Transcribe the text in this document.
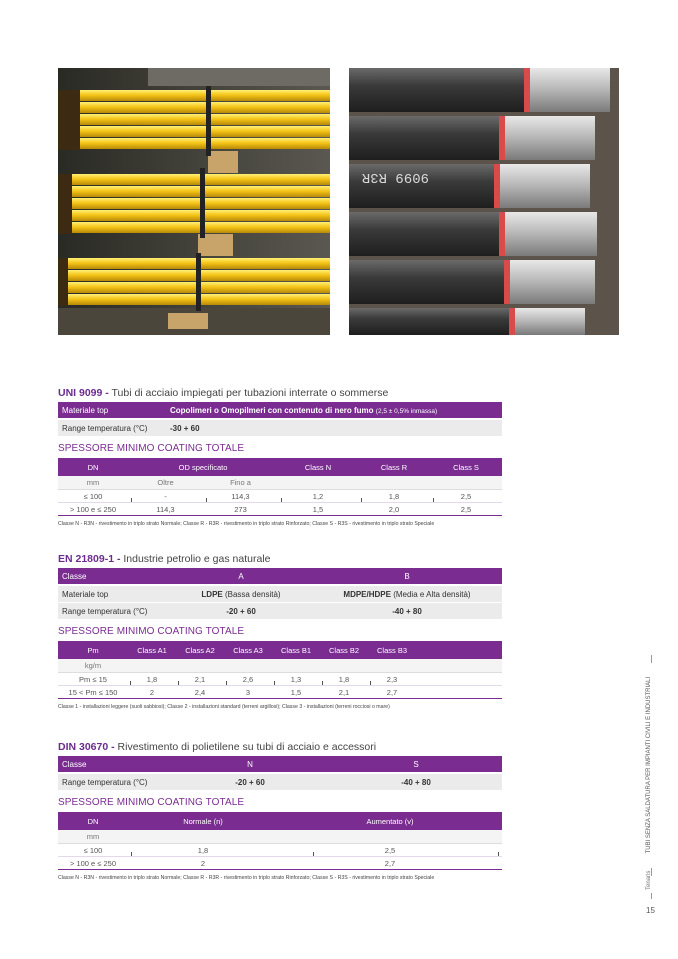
9099 R3R
UNI 9099 - Tubi di acciaio impiegati per tubazioni interrate o sommerse
Materiale top	Copolimeri o Omopilmeri con contenuto di nero fumo (2,5 ± 0,5% inmassa)
Range temperatura (°C)	-30 + 60
SPESSORE MINIMO COATING TOTALE
DN	OD specificato	Class N	Class R	Class S
mm	Oltre	Fino a
≤ 100	-	114,3	1,2	1,8	2,5
> 100 e ≤ 250	114,3	273	1,5	2,0	2,5
Classe N - R3N - rivestimento in triplo strato Normale; Classe R - R3R - rivestimento in triplo strato Rinforzato; Classe S - R3S - rivestimento in triplo strato Speciale
EN 21809-1 - Industrie petrolio e gas naturale
Classe	A	B
Materiale top	LDPE (Bassa densità)	MDPE/HDPE (Media e Alta densità)
Range temperatura (°C)	-20 + 60	-40 + 80
SPESSORE MINIMO COATING TOTALE
Pm	Class A1	Class A2	Class A3	Class B1	Class B2	Class B3
kg/m
Pm ≤ 15	1,8	2,1	2,6	1,3	1,8	2,3
15 < Pm ≤ 150	2	2,4	3	1,5	2,1	2,7
Classe 1 - installazioni leggere (suoli sabbiosi); Classe 2 - installazioni standard (terreni argillosi); Classe 3 - installazioni (terreni rocciosi o mare)
DIN 30670 - Rivestimento di polietilene su tubi di acciaio e accessori
Classe	N	S
Range temperatura (°C)	-20 + 60	-40 + 80
SPESSORE MINIMO COATING TOTALE
DN	Normale (n)	Aumentato (v)
mm
≤ 100	1,8	2,5
> 100 e ≤ 250	2	2,7
Classe N - R3N - rivestimento in triplo strato Normale; Classe R - R3R - rivestimento in triplo strato Rinforzato; Classe S - R3S - rivestimento in triplo strato Speciale	Tenaris  TUBI SENZA SALDATURA PER IMPIANTI CIVILI E INDUSTRIALI
15
